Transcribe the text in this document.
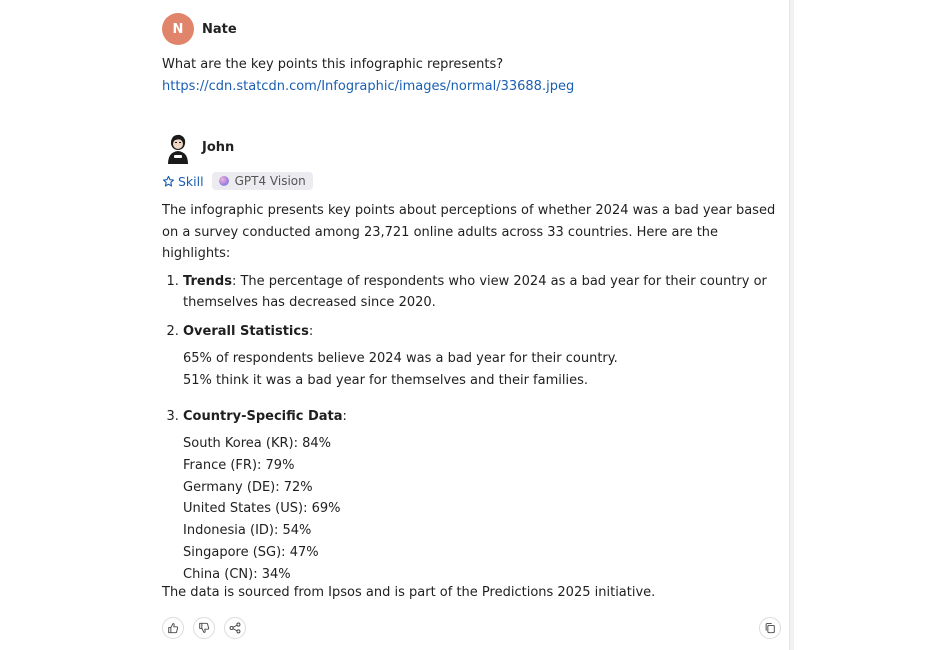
N Nate
What are the key points this infographic represents?
https://cdn.statcdn.com/Infographic/images/normal/33688.jpeg
John
Skill	GPT4 Vision

The infographic presents key points about perceptions of whether 2024 was a bad year based on a survey conducted among 23,721 online adults across 33 countries. Here are the highlights:

1. Trends: The percentage of respondents who view 2024 as a bad year for their country or themselves has decreased since 2020.
2. Overall Statistics:
65% of respondents believe 2024 was a bad year for their country.
51% think it was a bad year for themselves and their families.
3. Country-Specific Data:
South Korea (KR): 84%
France (FR): 79%
Germany (DE): 72%
United States (US): 69%
Indonesia (ID): 54%
Singapore (SG): 47%
China (CN): 34%
The data is sourced from Ipsos and is part of the Predictions 2025 initiative.
